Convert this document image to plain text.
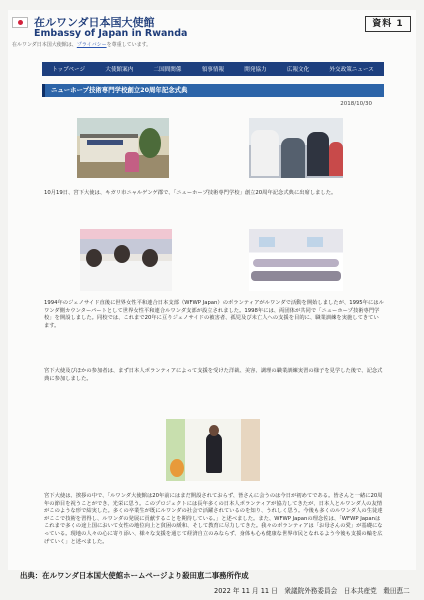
在ルワンダ日本国大使館
Embassy of Japan in Rwanda
在ルワンダ日本国大使館は、プライバシーを尊重しています。
資料 1
トップページ	大使館案内	二国間関係	領事情報	開発協力	広報文化	外交政策ニュース
ニューホープ技術専門学校創立20周年記念式典
2018/10/30
10月19日、宮下大使は、キガリ市ニャルゲンゲ郡で、「ニューホープ技術専門学校」創立20周年記念式典に出席しました。
1994年のジェノサイド直後に世界女性平和連合日本支部（WFWP Japan）のボランティアがルワンダで活動を開始しましたが、1995年にはルワンダ側カウンターパートとして世界女性平和連合ルワンダ支部が設立されました。1998年には、両団体が共同で「ニューホープ技術専門学校」を開設しました。同校では、これまで20年に亘りジェノサイドの被害者、孤児及び未亡人への支援を目的に、職業訓練を実施してきています。
宮下大使及びほかの参加者は、まず日本人ボランティアによって支援を受けた洋裁、美容、調理の職業訓練実習の様子を見学した後で、記念式典に参加しました。
宮下大使は、挨拶の中で、「ルワンダ大使館は20年前にはまだ開設されておらず、皆さんに会うのは今日が初めてである。皆さんと一緒に20周年の節目を祝うことができ、光栄に思う。このプロジェクトには長年多くの日本人ボランティアが協力してきたが、日本人とルワンダ人の友情がこのような形で結実した。多くの卒業生が既にルワンダの社会で活躍されているのを知り、うれしく思う。今後も多くのルワンダ人の生徒達がここで技術を習得し、ルワンダの発展に貢献することを期待している。」と述べました。また、WFWP Japanの理念佐は、「WFWP Japanはこれまで多くの途上国において女性の地位向上と貧困の緩和、そして教育に尽力してきた。我々のボランティアは「お母さんの愛」が基礎になっている。現地の人々の心に寄り添い、様々な支援を通じて経済自立のみならず、身体も心も健康な世界市民となれるよう今後も支援の輪を広げていく」と述べました。
出典：在ルワンダ日本国大使館ホームページより殺田恵二事務所作成
2022 年 11 月 11 日　衆議院外務委員会　日本共産党　穀田恵二
